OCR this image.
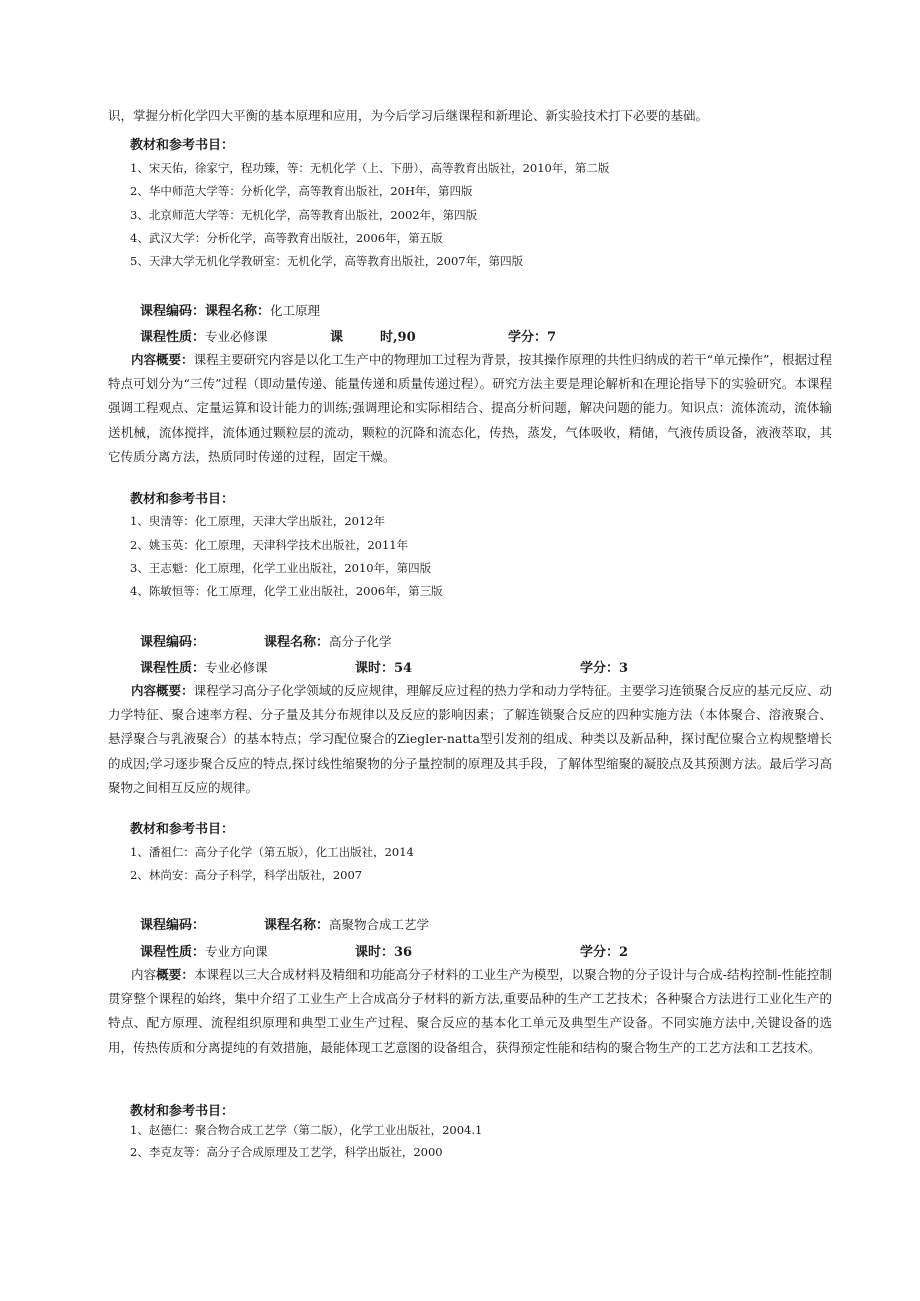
识，掌握分析化学四大平衡的基本原理和应用，为今后学习后继课程和新理论、新实验技术打下必要的基础。
教材和参考书目：
1、宋天佑，徐家宁，程功臻，等：无机化学（上、下册），高等教育出版社，2010年，第二版
2、华中师范大学等：分析化学，高等教育出版社，20H年，第四版
3、北京师范大学等：无机化学，高等教育出版社，2002年，第四版
4、武汉大学：分析化学，高等教育出版社，2006年，第五版
5、天津大学无机化学教研室：无机化学，高等教育出版社，2007年，第四版
课程编码：课程名称：化工原理
课程性质：专业必修课	课	时,90	学分：7
内容概要：课程主要研究内容是以化工生产中的物理加工过程为背景，按其操作原理的共性归纳成的若干“单元操作”，根据过程特点可划分为“三传”过程（即动量传递、能量传递和质量传递过程）。研究方法主要是理论解析和在理论指导下的实验研究。本课程强调工程观点、定量运算和设计能力的训练;强调理论和实际相结合、提高分析问题，解决问题的能力。知识点：流体流动，流体输送机械，流体搅拌，流体通过颗粒层的流动，颗粒的沉降和流态化，传热，蒸发，气体吸收，精储，气液传质设备，液液萃取，其它传质分离方法，热质同时传递的过程，固定干燥。
教材和参考书目：
1、臾清等：化工原理，天津大学出版社，2012年
2、姚玉英：化工原理，天津科学技术出版社，2011年
3、王志魁：化工原理，化学工业出版社，2010年，第四版
4、陈敏恒等：化工原理，化学工业出版社，2006年，第三版
课程编码：	课程名称：高分子化学
课程性质：专业必修课	课时：54	学分：3
内容概要：课程学习高分子化学领域的反应规律，理解反应过程的热力学和动力学特征。主要学习连锁聚合反应的基元反应、动力学特征、聚合速率方程、分子量及其分布规律以及反应的影响因素；了解连锁聚合反应的四种实施方法（本体聚合、溶液聚合、悬浮聚合与乳液聚合）的基本特点；学习配位聚合的Ziegler-natta型引发剂的组成、种类以及新品种，探讨配位聚合立构规整增长的成因;学习逐步聚合反应的特点,探讨线性缩聚物的分子量控制的原理及其手段，了解体型缩聚的凝胶点及其预测方法。最后学习高聚物之间相互反应的规律。
教材和参考书目：
1、潘祖仁：高分子化学（第五版），化工出版社，2014
2、林尚安：高分子科学，科学出版社，2007
课程编码：	课程名称：高聚物合成工艺学
课程性质：专业方向课	课时：36	学分：2
内容概要：本课程以三大合成材料及精细和功能高分子材料的工业生产为模型，以聚合物的分子设计与合成-结构控制-性能控制贯穿整个课程的始终，集中介绍了工业生产上合成高分子材料的新方法,重要品种的生产工艺技术；各种聚合方法进行工业化生产的特点、配方原理、流程组织原理和典型工业生产过程、聚合反应的基本化工单元及典型生产设备。不同实施方法中,关键设备的选用，传热传质和分离提纯的有效措施，最能体现工艺意图的设备组合，获得预定性能和结构的聚合物生产的工艺方法和工艺技术。
教材和参考书目：
1、赵德仁：聚合物合成工艺学（第二版），化学工业出版社，2004.1
2、李克友等：高分子合成原理及工艺学，科学出版社，2000
